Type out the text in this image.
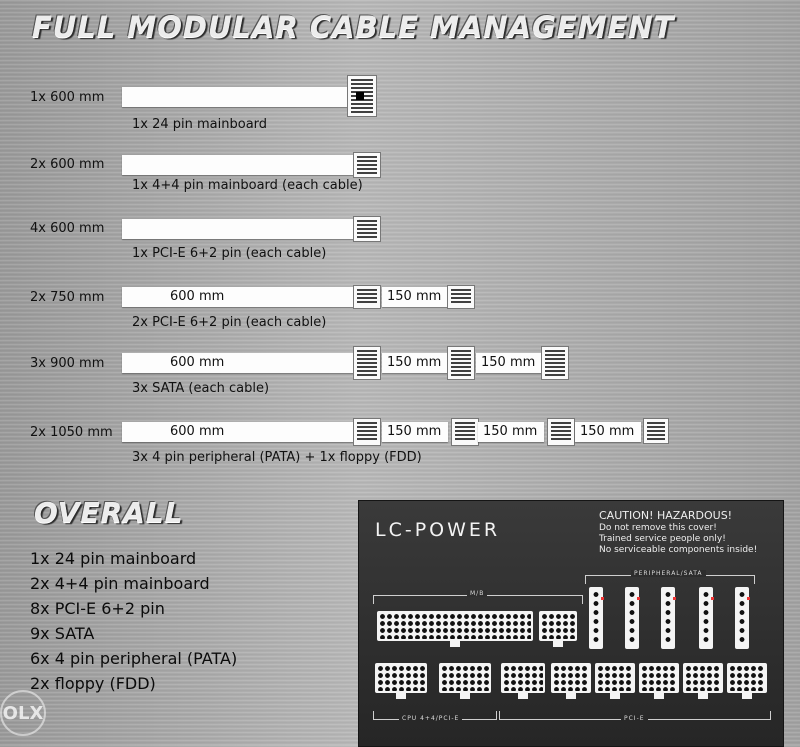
FULL MODULAR CABLE MANAGEMENT
1x 600 mm
1x 24 pin mainboard
2x 600 mm
1x 4+4 pin mainboard (each cable)
4x 600 mm
1x PCI-E 6+2 pin (each cable)
2x 750 mm	600 mm	150 mm
2x PCI-E 6+2 pin (each cable)
3x 900 mm	600 mm	150 mm	150 mm
3x SATA (each cable)
2x 1050 mm	600 mm	150 mm	150 mm	150 mm
3x 4 pin peripheral (PATA) + 1x floppy (FDD)
OVERALL
1x 24 pin mainboard
2x 4+4 pin mainboard
8x PCI-E 6+2 pin
9x SATA
6x 4 pin peripheral (PATA)
2x floppy (FDD)
LC-POWER
CAUTION! HAZARDOUS!
Do not remove this cover!
Trained service people only!
No serviceable components inside!
M/B
PERIPHERAL/SATA
CPU 4+4/PCI-E	PCI-E
OLX
